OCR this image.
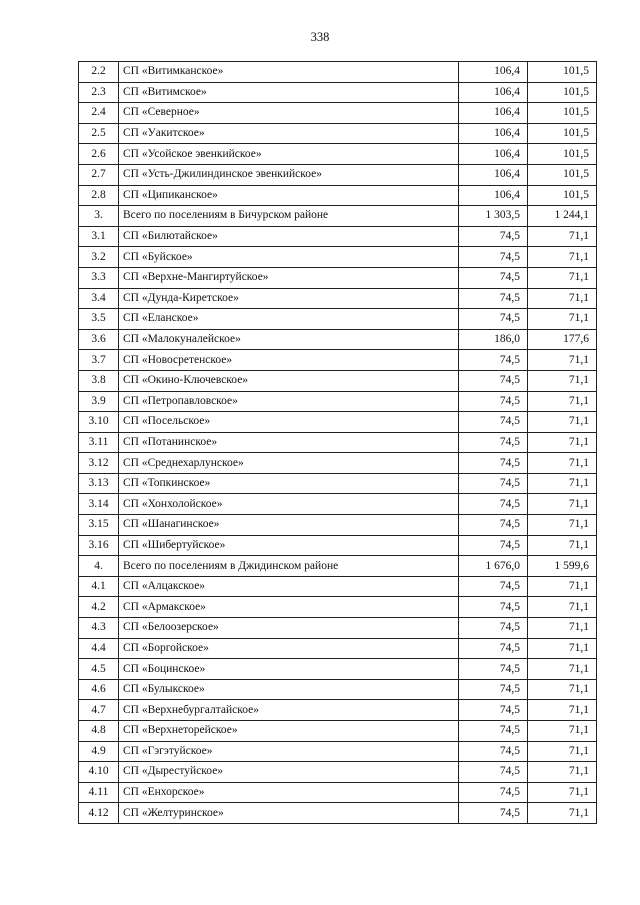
338
2.2	СП «Витимканское»	106,4	101,5
2.3	СП «Витимское»	106,4	101,5
2.4	СП «Северное»	106,4	101,5
2.5	СП «Уакитское»	106,4	101,5
2.6	СП «Усойское эвенкийское»	106,4	101,5
2.7	СП «Усть-Джилиндинское эвенкийское»	106,4	101,5
2.8	СП «Ципиканское»	106,4	101,5
3.	Всего по поселениям в Бичурском районе	1 303,5	1 244,1
3.1	СП «Билютайское»	74,5	71,1
3.2	СП «Буйское»	74,5	71,1
3.3	СП «Верхне-Мангиртуйское»	74,5	71,1
3.4	СП «Дунда-Киретское»	74,5	71,1
3.5	СП «Еланское»	74,5	71,1
3.6	СП «Малокуналейское»	186,0	177,6
3.7	СП «Новосретенское»	74,5	71,1
3.8	СП «Окино-Ключевское»	74,5	71,1
3.9	СП «Петропавловское»	74,5	71,1
3.10	СП «Посельское»	74,5	71,1
3.11	СП «Потанинское»	74,5	71,1
3.12	СП «Среднехарлунское»	74,5	71,1
3.13	СП «Топкинское»	74,5	71,1
3.14	СП «Хонхолойское»	74,5	71,1
3.15	СП «Шанагинское»	74,5	71,1
3.16	СП «Шибертуйское»	74,5	71,1
4.	Всего по поселениям в Джидинском районе	1 676,0	1 599,6
4.1	СП «Алцакское»	74,5	71,1
4.2	СП «Армакское»	74,5	71,1
4.3	СП «Белоозерское»	74,5	71,1
4.4	СП «Боргойское»	74,5	71,1
4.5	СП «Боцинское»	74,5	71,1
4.6	СП «Булыкское»	74,5	71,1
4.7	СП «Верхнебургалтайское»	74,5	71,1
4.8	СП «Верхнеторейское»	74,5	71,1
4.9	СП «Гэгэтуйское»	74,5	71,1
4.10	СП «Дырестуйское»	74,5	71,1
4.11	СП «Енхорское»	74,5	71,1
4.12	СП «Желтуринское»	74,5	71,1
